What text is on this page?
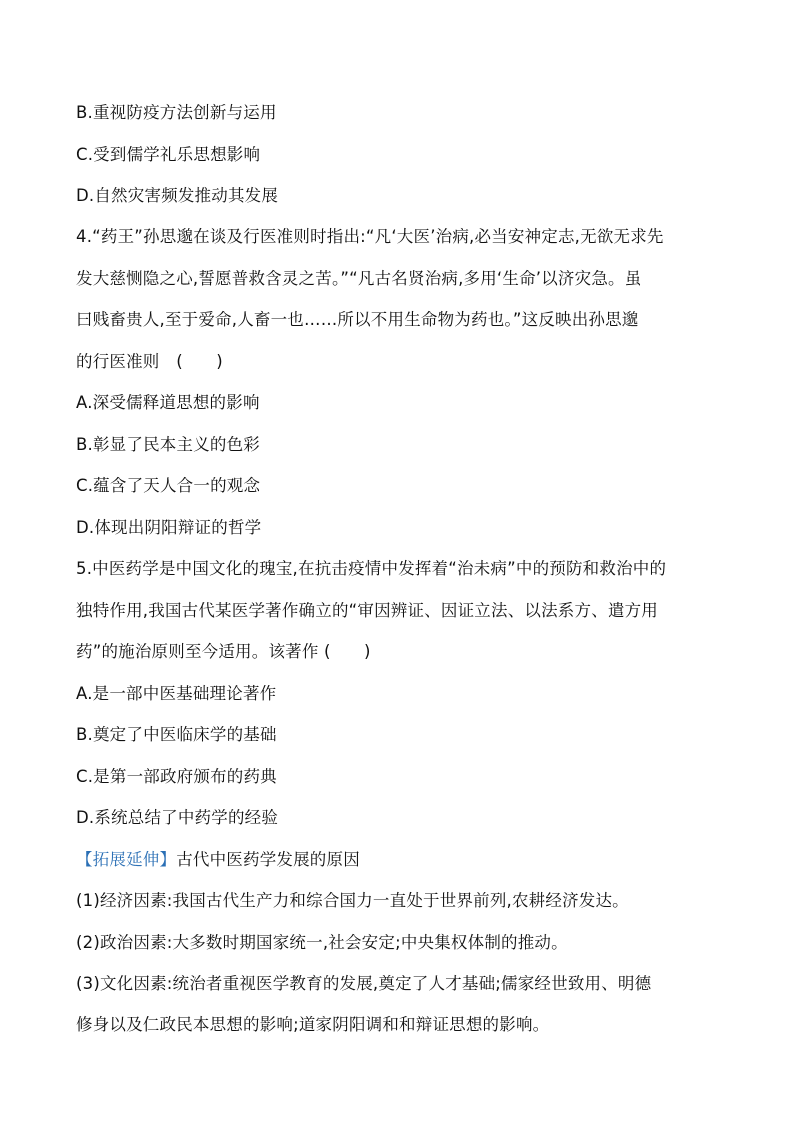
B.重视防疫方法创新与运用
C.受到儒学礼乐思想影响
D.自然灾害频发推动其发展
4.“药王”孙思邈在谈及行医准则时指出:“凡‘大医’治病,必当安神定志,无欲无求先
发大慈恻隐之心,誓愿普救含灵之苦。”“凡古名贤治病,多用‘生命’以济灾急。虽
曰贱畜贵人,至于爱命,人畜一也……所以不用生命物为药也。”这反映出孙思邈
的行医准则　(　　)
A.深受儒释道思想的影响
B.彰显了民本主义的色彩
C.蕴含了天人合一的观念
D.体现出阴阳辩证的哲学
5.中医药学是中国文化的瑰宝,在抗击疫情中发挥着“治未病”中的预防和救治中的
独特作用,我国古代某医学著作确立的“审因辨证、因证立法、以法系方、遣方用
药”的施治原则至今适用。该著作 (　　)
A.是一部中医基础理论著作
B.奠定了中医临床学的基础
C.是第一部政府颁布的药典
D.系统总结了中药学的经验
【拓展延伸】古代中医药学发展的原因
(1)经济因素:我国古代生产力和综合国力一直处于世界前列,农耕经济发达。
(2)政治因素:大多数时期国家统一,社会安定;中央集权体制的推动。
(3)文化因素:统治者重视医学教育的发展,奠定了人才基础;儒家经世致用、明德
修身以及仁政民本思想的影响;道家阴阳调和和辩证思想的影响。
